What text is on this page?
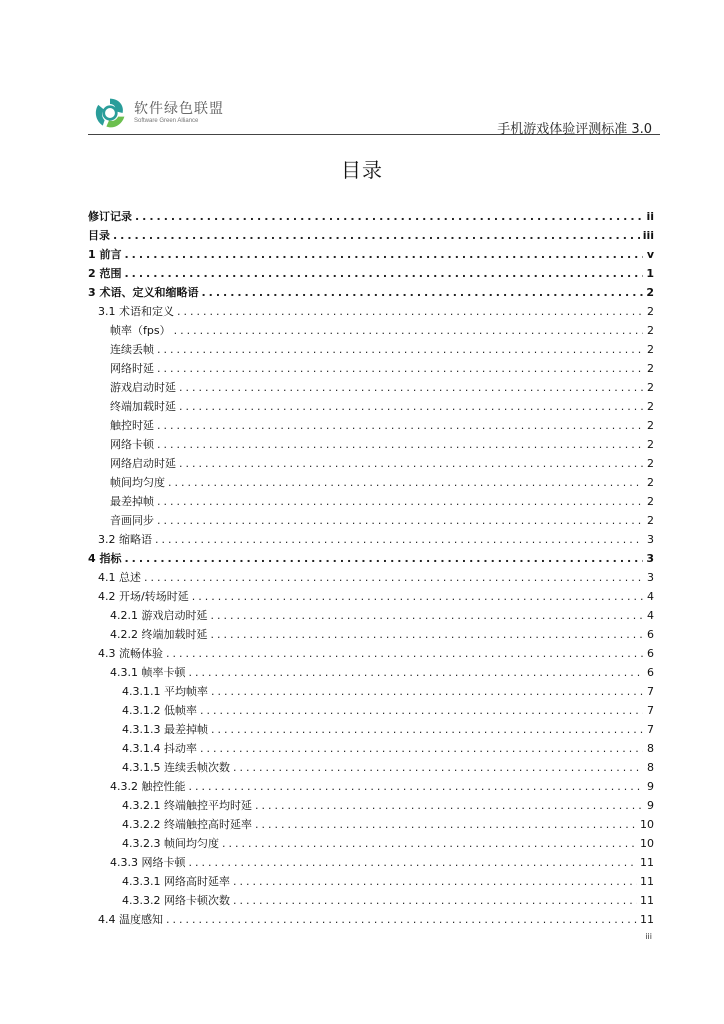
软件绿色联盟
Software Green Alliance
手机游戏体验评测标准 3.0
目录
修订记录 .....	ii
目录 .....	iii
1 前言 .....	v
2 范围 .....	1
3 术语、定义和缩略语 .....	2
3.1 术语和定义 .....	2
帧率（fps） .....	2
连续丢帧 .....	2
网络时延 .....	2
游戏启动时延 .....	2
终端加载时延 .....	2
触控时延 .....	2
网络卡顿 .....	2
网络启动时延 .....	2
帧间均匀度 .....	2
最差掉帧 .....	2
音画同步 .....	2
3.2 缩略语 .....	3
4 指标 .....	3
4.1 总述 .....	3
4.2 开场/转场时延 .....	4
4.2.1 游戏启动时延 .....	4
4.2.2 终端加载时延 .....	6
4.3 流畅体验 .....	6
4.3.1 帧率卡顿 .....	6
4.3.1.1 平均帧率 .....	7
4.3.1.2 低帧率 .....	7
4.3.1.3 最差掉帧 .....	7
4.3.1.4 抖动率 .....	8
4.3.1.5 连续丢帧次数 .....	8
4.3.2 触控性能 .....	9
4.3.2.1 终端触控平均时延 .....	9
4.3.2.2 终端触控高时延率 .....	10
4.3.2.3 帧间均匀度 .....	10
4.3.3 网络卡顿 .....	11
4.3.3.1 网络高时延率 .....	11
4.3.3.2 网络卡顿次数 .....	11
4.4 温度感知 .....	11
iii
